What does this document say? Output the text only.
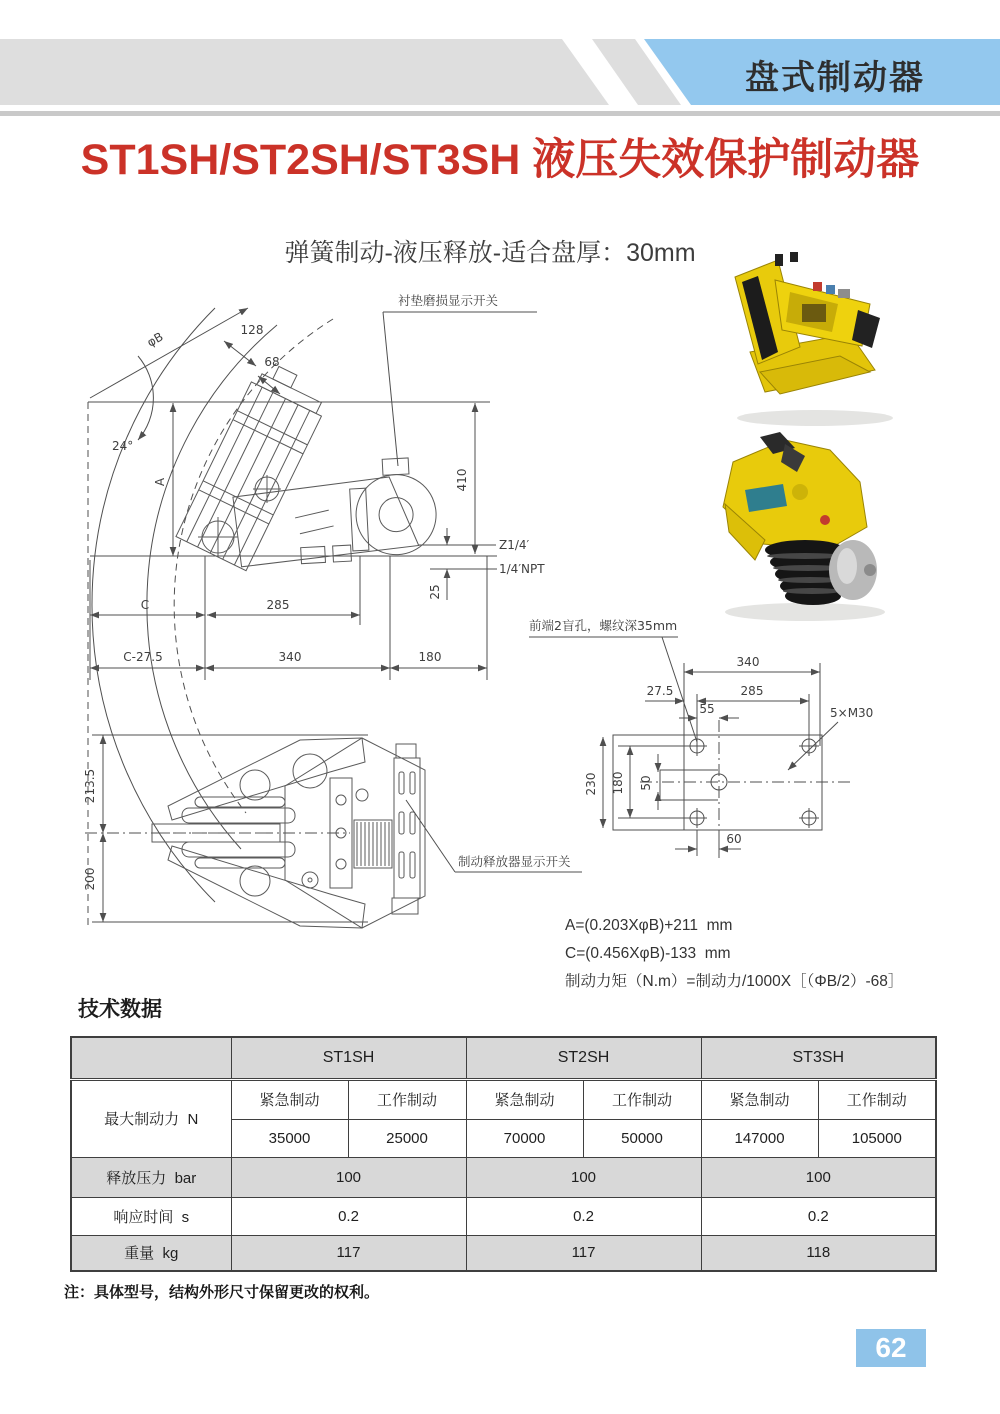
盘式制动器
ST1SH/ST2SH/ST3SH 液压失效保护制动器
弹簧制动-液压释放-适合盘厚：30mm
φB
24°
128
68
衬垫磨损显示开关
A	410
Z1/4′
1/4′NPT
25
C	285
C-27.5	340	180
213.5
200
制动释放器显示开关
前端2盲孔，螺纹深35mm
340
27.5	285
55	5×M30
230 180 50
60
A=(0.203XφB)+211  mm
C=(0.456XφB)-133  mm
制动力矩（N.m）=制动力/1000X［（ΦB/2）-68］
技术数据
	ST1SH		ST2SH		ST3SH	
最大制动力  N	紧急制动	工作制动	紧急制动	工作制动	紧急制动	工作制动
	35000	25000	70000	50000	147000	105000
释放压力  bar	100		100		100	
响应时间  s	0.2		0.2		0.2	
重量  kg	117		117		118	
注：具体型号，结构外形尺寸保留更改的权利。
62
